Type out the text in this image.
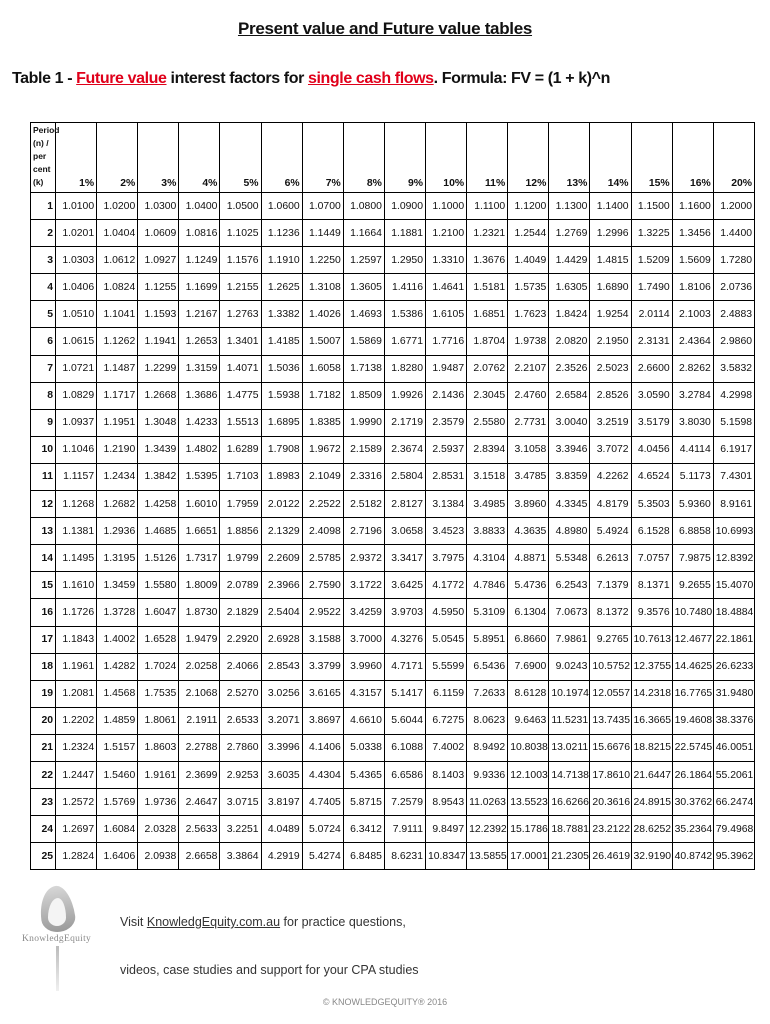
Present value and Future value tables
Table 1 - Future value interest factors for single cash flows. Formula: FV = (1 + k)^n
Period (n) / per cent (k)	1%	2%	3%	4%	5%	6%	7%	8%	9%	10%	11%	12%	13%	14%	15%	16%	20%
1	1.0100	1.0200	1.0300	1.0400	1.0500	1.0600	1.0700	1.0800	1.0900	1.1000	1.1100	1.1200	1.1300	1.1400	1.1500	1.1600	1.2000
2	1.0201	1.0404	1.0609	1.0816	1.1025	1.1236	1.1449	1.1664	1.1881	1.2100	1.2321	1.2544	1.2769	1.2996	1.3225	1.3456	1.4400
3	1.0303	1.0612	1.0927	1.1249	1.1576	1.1910	1.2250	1.2597	1.2950	1.3310	1.3676	1.4049	1.4429	1.4815	1.5209	1.5609	1.7280
4	1.0406	1.0824	1.1255	1.1699	1.2155	1.2625	1.3108	1.3605	1.4116	1.4641	1.5181	1.5735	1.6305	1.6890	1.7490	1.8106	2.0736
5	1.0510	1.1041	1.1593	1.2167	1.2763	1.3382	1.4026	1.4693	1.5386	1.6105	1.6851	1.7623	1.8424	1.9254	2.0114	2.1003	2.4883
6	1.0615	1.1262	1.1941	1.2653	1.3401	1.4185	1.5007	1.5869	1.6771	1.7716	1.8704	1.9738	2.0820	2.1950	2.3131	2.4364	2.9860
7	1.0721	1.1487	1.2299	1.3159	1.4071	1.5036	1.6058	1.7138	1.8280	1.9487	2.0762	2.2107	2.3526	2.5023	2.6600	2.8262	3.5832
8	1.0829	1.1717	1.2668	1.3686	1.4775	1.5938	1.7182	1.8509	1.9926	2.1436	2.3045	2.4760	2.6584	2.8526	3.0590	3.2784	4.2998
9	1.0937	1.1951	1.3048	1.4233	1.5513	1.6895	1.8385	1.9990	2.1719	2.3579	2.5580	2.7731	3.0040	3.2519	3.5179	3.8030	5.1598
10	1.1046	1.2190	1.3439	1.4802	1.6289	1.7908	1.9672	2.1589	2.3674	2.5937	2.8394	3.1058	3.3946	3.7072	4.0456	4.4114	6.1917
11	1.1157	1.2434	1.3842	1.5395	1.7103	1.8983	2.1049	2.3316	2.5804	2.8531	3.1518	3.4785	3.8359	4.2262	4.6524	5.1173	7.4301
12	1.1268	1.2682	1.4258	1.6010	1.7959	2.0122	2.2522	2.5182	2.8127	3.1384	3.4985	3.8960	4.3345	4.8179	5.3503	5.9360	8.9161
13	1.1381	1.2936	1.4685	1.6651	1.8856	2.1329	2.4098	2.7196	3.0658	3.4523	3.8833	4.3635	4.8980	5.4924	6.1528	6.8858	10.6993
14	1.1495	1.3195	1.5126	1.7317	1.9799	2.2609	2.5785	2.9372	3.3417	3.7975	4.3104	4.8871	5.5348	6.2613	7.0757	7.9875	12.8392
15	1.1610	1.3459	1.5580	1.8009	2.0789	2.3966	2.7590	3.1722	3.6425	4.1772	4.7846	5.4736	6.2543	7.1379	8.1371	9.2655	15.4070
16	1.1726	1.3728	1.6047	1.8730	2.1829	2.5404	2.9522	3.4259	3.9703	4.5950	5.3109	6.1304	7.0673	8.1372	9.3576	10.7480	18.4884
17	1.1843	1.4002	1.6528	1.9479	2.2920	2.6928	3.1588	3.7000	4.3276	5.0545	5.8951	6.8660	7.9861	9.2765	10.7613	12.4677	22.1861
18	1.1961	1.4282	1.7024	2.0258	2.4066	2.8543	3.3799	3.9960	4.7171	5.5599	6.5436	7.6900	9.0243	10.5752	12.3755	14.4625	26.6233
19	1.2081	1.4568	1.7535	2.1068	2.5270	3.0256	3.6165	4.3157	5.1417	6.1159	7.2633	8.6128	10.1974	12.0557	14.2318	16.7765	31.9480
20	1.2202	1.4859	1.8061	2.1911	2.6533	3.2071	3.8697	4.6610	5.6044	6.7275	8.0623	9.6463	11.5231	13.7435	16.3665	19.4608	38.3376
21	1.2324	1.5157	1.8603	2.2788	2.7860	3.3996	4.1406	5.0338	6.1088	7.4002	8.9492	10.8038	13.0211	15.6676	18.8215	22.5745	46.0051
22	1.2447	1.5460	1.9161	2.3699	2.9253	3.6035	4.4304	5.4365	6.6586	8.1403	9.9336	12.1003	14.7138	17.8610	21.6447	26.1864	55.2061
23	1.2572	1.5769	1.9736	2.4647	3.0715	3.8197	4.7405	5.8715	7.2579	8.9543	11.0263	13.5523	16.6266	20.3616	24.8915	30.3762	66.2474
24	1.2697	1.6084	2.0328	2.5633	3.2251	4.0489	5.0724	6.3412	7.9111	9.8497	12.2392	15.1786	18.7881	23.2122	28.6252	35.2364	79.4968
25	1.2824	1.6406	2.0938	2.6658	3.3864	4.2919	5.4274	6.8485	8.6231	10.8347	13.5855	17.0001	21.2305	26.4619	32.9190	40.8742	95.3962
KnowledgEquity
Visit KnowledgEquity.com.au for practice questions,
videos, case studies and support for your CPA studies
© KNOWLEDGEQUITY® 2016
